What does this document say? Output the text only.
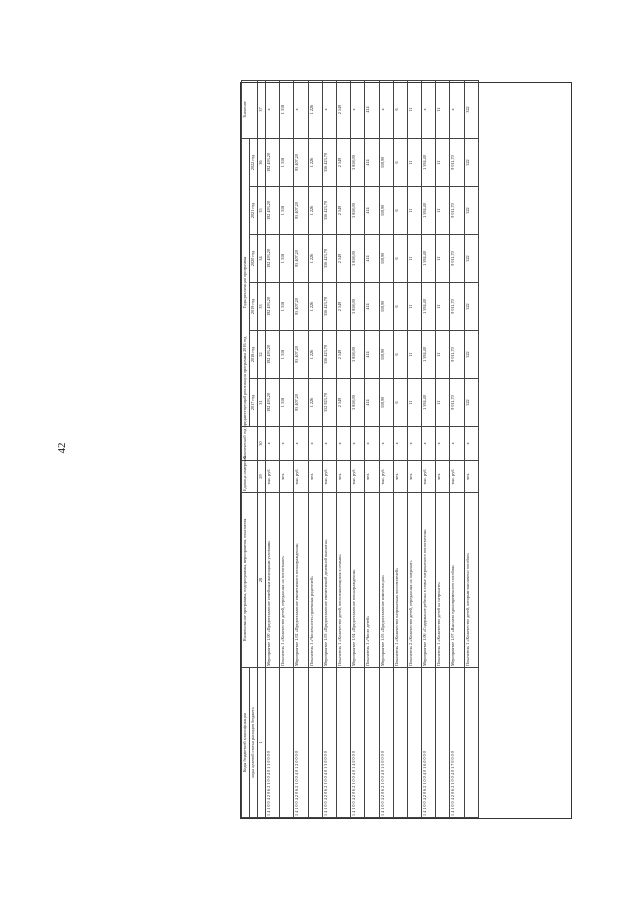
42
Коды бюджетной классификации	Наименование программы, подпрограммы, мероприятия, показателя	Единица измерения	Фактический год предшествующий реализации программы 2016 год	Годы реализации программы						Значение
коды целевой статьи расходов бюджета				2017 год	2018 год	2019 год	2020 год	2021 год	2022 год	
1	28	29	30	31	32	33	34	35	36	37
1 4 1 0 0 4 2 0 6 2 1 0 0 4 0 1 1 0 0 0 0	Мероприятие 1.00 «Предоставление семейным жилищным условиям»	тыс. руб.	х	192 493,20	192 493,20	192 493,20	192 493,20	192 493,20	192 493,20	х
	Показатель 1 «Количество детей, переданных на воспитание»	чел.	х	1 318	1 318	1 318	1 318	1 318	1 318	1 318
1 4 1 0 0 4 2 0 6 2 1 0 0 4 0 1 2 0 0 0 0	Мероприятие 1.02 «Предоставление ежемесячного вознаграждения»	тыс. руб.	х	95 407,20	95 407,20	95 407,20	95 407,20	95 407,20	95 407,20	х
	Показатель 1 «Численность приемных родителей»	чел.	х	1 226	1 226	1 226	1 226	1 226	1 226	1 226
1 4 1 0 0 4 2 0 6 2 1 0 0 4 0 1 3 0 0 0 0	Мероприятие 1.03 «Предоставление ежемесячной денежной выплаты»	тыс. руб.	х	352 923,70	356 423,70	356 423,70	356 423,70	356 423,70	356 423,70	х
	Показатель 1 «Количество детей, воспитывающихся в семьях»	чел.	х	2 549	2 549	2 549	2 549	2 549	2 549	2 549
1 4 1 0 0 4 2 0 6 2 1 0 0 4 0 1 4 0 0 0 0	Мероприятие 1.04 «Предоставление вознаграждения»	тыс. руб.	х	3 858,00	3 858,00	3 858,00	3 858,00	3 858,00	3 858,00	х
	Показатель 1 «Число детей»	чел.	х	414	414	414	414	414	414	414
1 4 1 0 0 4 2 0 6 2 1 0 0 4 0 1 5 0 0 0 0	Мероприятие 1.05 «Предоставление компенсации»	тыс. руб.	х	359,90	359,90	359,90	359,90	359,90	359,90	х
	Показатель 1 «Количество патронатных воспитателей»	чел.	х	6	6	6	6	6	6	6
	Показатель 2 «Количество детей, переданных на патронат»	чел.	х	11	11	11	11	11	11	11
1 4 1 0 0 4 2 0 6 2 1 0 0 4 0 1 6 0 0 0 0	Мероприятие 1.06 «Содержание ребенка в семье патронатного воспитателя»	тыс. руб.	х	1 594,40	1 594,40	1 594,40	1 594,40	1 594,40	1 594,40	х
	Показатель 1 «Количество детей на патронате»	чел.	х	11	11	11	11	11	11	11
1 4 1 0 0 4 2 0 6 2 1 0 0 4 0 1 7 0 0 0 0	Мероприятие 1.07 «Выплата единовременного пособия»	тыс. руб.	х	9 011,70	9 011,70	9 011,70	9 011,70	9 011,70	9 011,70	х
	Показатель 1 «Количество детей, которым выплачено пособие»	чел.	х	322	322	322	322	322	322	322
